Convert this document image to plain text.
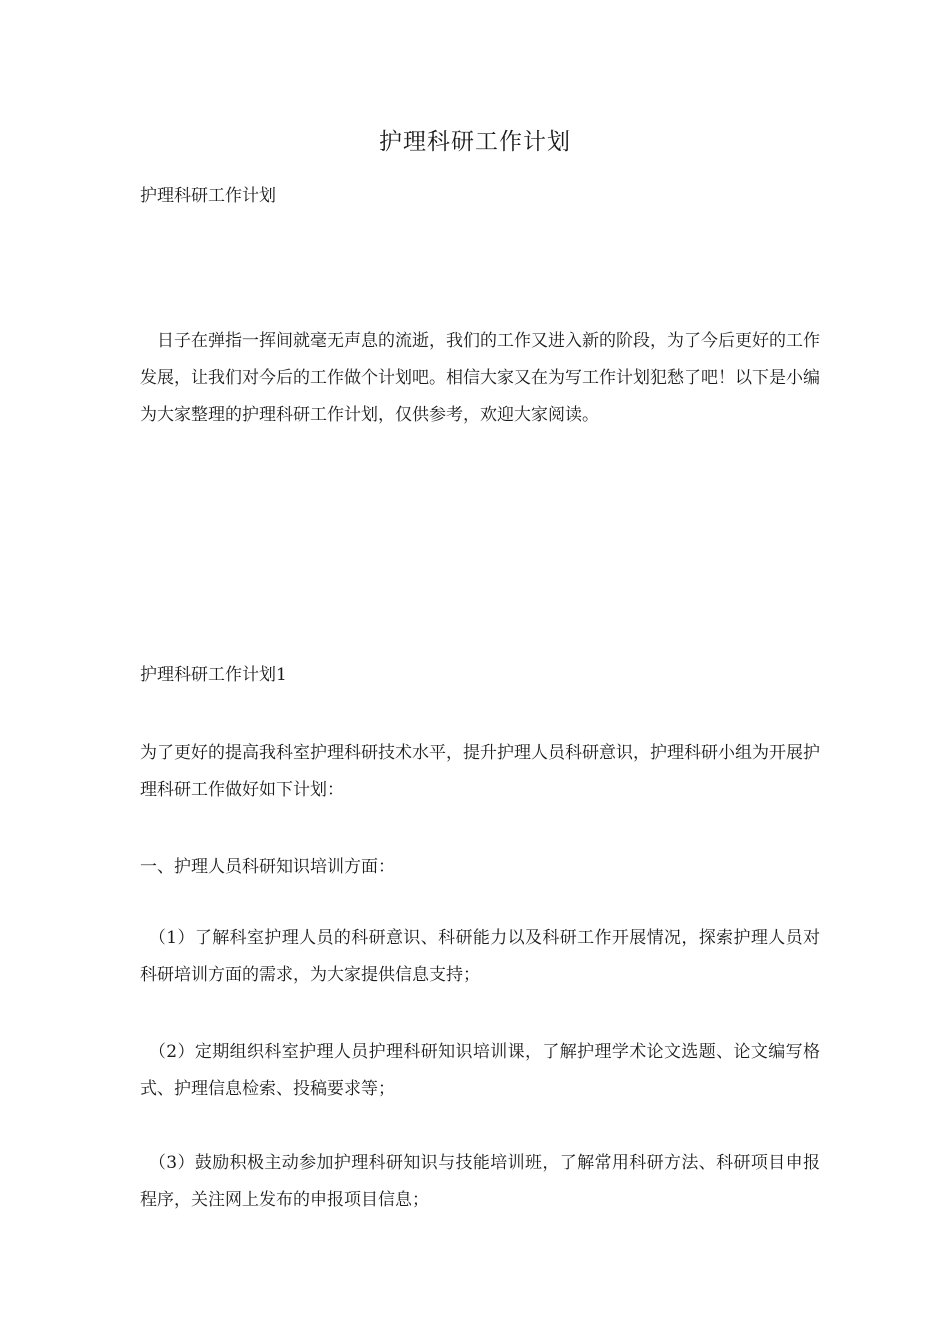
护理科研工作计划
护理科研工作计划

　日子在弹指一挥间就毫无声息的流逝，我们的工作又进入新的阶段，为了今后更好的工作发展，让我们对今后的工作做个计划吧。相信大家又在为写工作计划犯愁了吧！以下是小编为大家整理的护理科研工作计划，仅供参考，欢迎大家阅读。

护理科研工作计划1

为了更好的提高我科室护理科研技术水平，提升护理人员科研意识，护理科研小组为开展护理科研工作做好如下计划：

一、护理人员科研知识培训方面：

　（1）了解科室护理人员的科研意识、科研能力以及科研工作开展情况，探索护理人员对科研培训方面的需求，为大家提供信息支持；

　（2）定期组织科室护理人员护理科研知识培训课，了解护理学术论文选题、论文编写格式、护理信息检索、投稿要求等；

　（3）鼓励积极主动参加护理科研知识与技能培训班，了解常用科研方法、科研项目申报程序，关注网上发布的申报项目信息；
